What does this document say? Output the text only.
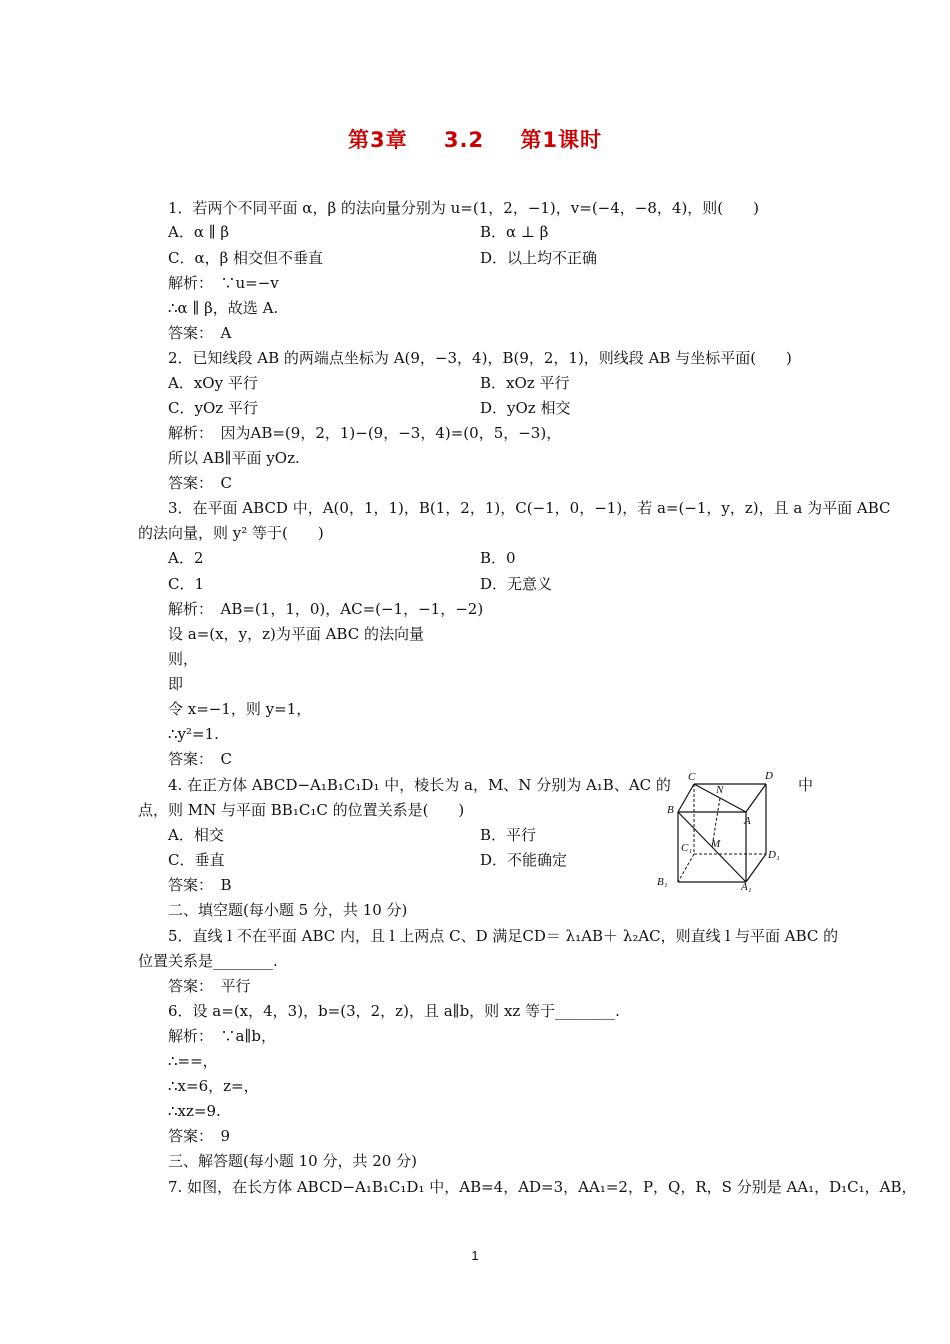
第3章 3.2 第1课时
1．若两个不同平面 α，β 的法向量分别为 u=(1，2，−1)，v=(−4，−8，4)，则(　　)
A．α ∥ β	B．α ⊥ β
C．α，β 相交但不垂直	D．以上均不正确
解析：　∵u=−v
∴α ∥ β，故选 A.
答案：　A
2．已知线段 AB 的两端点坐标为 A(9，−3，4)，B(9，2，1)，则线段 AB 与坐标平面(　　)
A．xOy 平行	B．xOz 平行
C．yOz 平行	D．yOz 相交
解析：　因为AB=(9，2，1)−(9，−3，4)=(0，5，−3)，
所以 AB∥平面 yOz.
答案：　C
3．在平面 ABCD 中，A(0，1，1)，B(1，2，1)，C(−1，0，−1)，若 a=(−1，y，z)，且 a 为平面 ABC
的法向量，则 y² 等于(　　)
A．2	B．0
C．1	D．无意义
解析：　AB=(1，1，0)，AC=(−1，−1，−2)
设 a=(x，y，z)为平面 ABC 的法向量
则，
即
令 x=−1，则 y=1，
∴y²=1.
答案：　C
4. 在正方体 ABCD−A₁B₁C₁D₁ 中，棱长为 a，M、N 分别为 A₁B、AC 的	中
点，则 MN 与平面 BB₁C₁C 的位置关系是(　　)
A．相交	B．平行
C．垂直	D．不能确定
答案：　B
二、填空题(每小题 5 分，共 10 分)
5．直线 l 不在平面 ABC 内，且 l 上两点 C、D 满足CD＝ λ₁AB＋ λ₂AC，则直线 l 与平面 ABC 的
位置关系是________.
答案：　平行
6．设 a=(x，4，3)，b=(3，2，z)，且 a∥b，则 xz 等于________.
解析：　∵a∥b，
∴==，
∴x=6，z=，
∴xz=9.
答案：　9
三、解答题(每小题 10 分，共 20 分)
7. 如图，在长方体 ABCD−A₁B₁C₁D₁ 中，AB=4，AD=3，AA₁=2，P，Q，R，S 分别是 AA₁，D₁C₁，AB，
C	D
N
B
A
M
C₁
D₁
B₁	A₁
1
